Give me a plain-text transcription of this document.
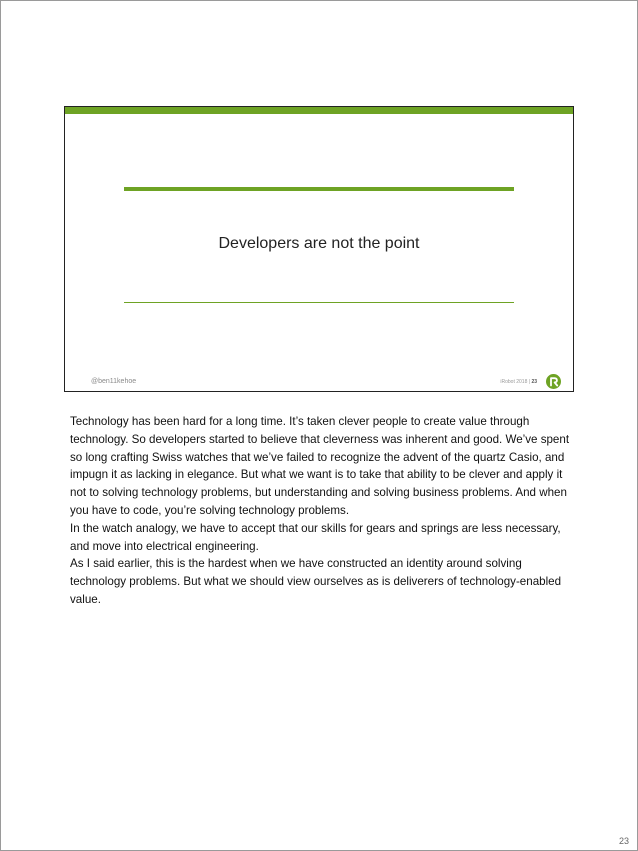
Developers are not the point
@ben11kehoe	iRobot 2018 | 23

Technology has been hard for a long time. It’s taken clever people to create value through technology. So developers started to believe that cleverness was inherent and good. We’ve spent so long crafting Swiss watches that we’ve failed to recognize the advent of the quartz Casio, and impugn it as lacking in elegance. But what we want is to take that ability to be clever and apply it not to solving technology problems, but understanding and solving business problems. And when you have to code, you’re solving technology problems.

In the watch analogy, we have to accept that our skills for gears and springs are less necessary, and move into electrical engineering.

As I said earlier, this is the hardest when we have constructed an identity around solving technology problems. But what we should view ourselves as is deliverers of technology-enabled value.

23
